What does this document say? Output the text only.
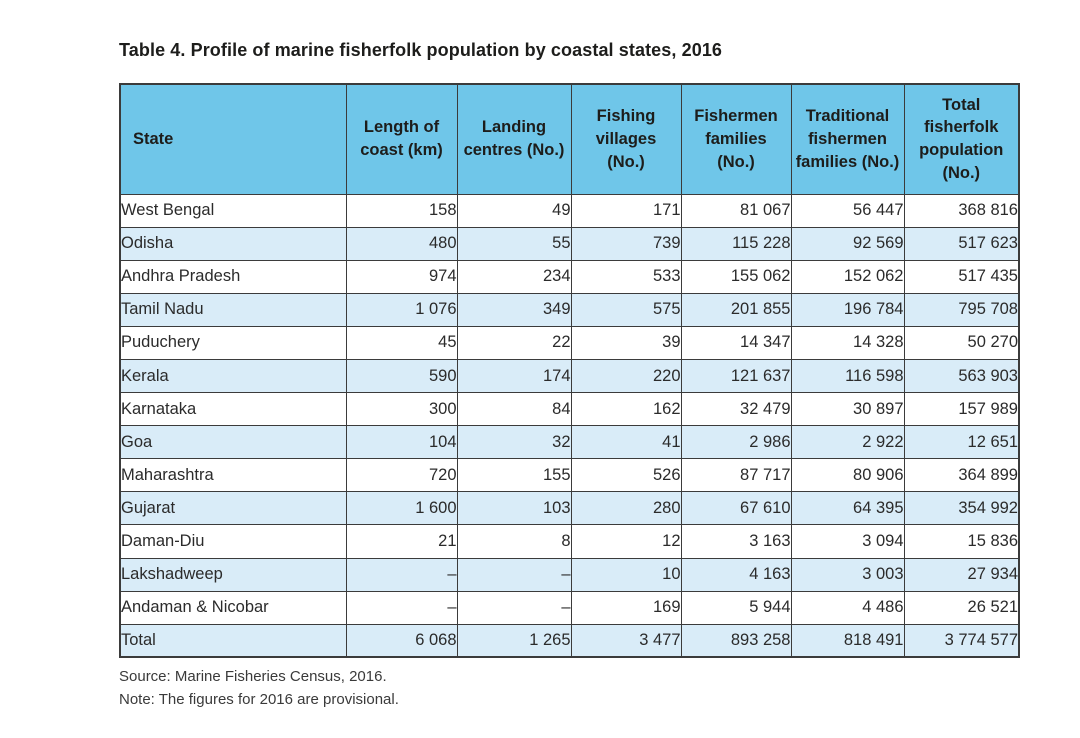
Table 4. Profile of marine fisherfolk population by coastal states, 2016

State	Length of coast (km)	Landing centres (No.)	Fishing villages (No.)	Fishermen families (No.)	Traditional fishermen families (No.)	Total fisherfolk population (No.)
West Bengal	158	49	171	81 067	56 447	368 816
Odisha	480	55	739	115 228	92 569	517 623
Andhra Pradesh	974	234	533	155 062	152 062	517 435
Tamil Nadu	1 076	349	575	201 855	196 784	795 708
Puduchery	45	22	39	14 347	14 328	50 270
Kerala	590	174	220	121 637	116 598	563 903
Karnataka	300	84	162	32 479	30 897	157 989
Goa	104	32	41	2 986	2 922	12 651
Maharashtra	720	155	526	87 717	80 906	364 899
Gujarat	1 600	103	280	67 610	64 395	354 992
Daman-Diu	21	8	12	3 163	3 094	15 836
Lakshadweep	–	–	10	4 163	3 003	27 934
Andaman & Nicobar	–	–	169	5 944	4 486	26 521
Total	6 068	1 265	3 477	893 258	818 491	3 774 577
Source: Marine Fisheries Census, 2016.
Note: The figures for 2016 are provisional.
